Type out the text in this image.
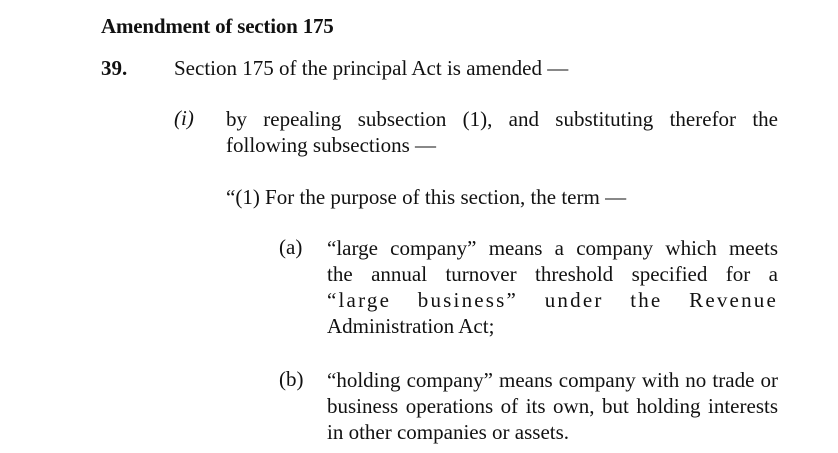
Amendment of section 175
39. Section 175 of the principal Act is amended —
(i) by repealing subsection (1), and substituting therefor the following subsections —
“(1) For the purpose of this section, the term —
(a) “large company” means a company which meets
the annual turnover threshold specified for a
“large business” under the Revenue
Administration Act;
(b) “holding company” means company with no trade or business operations of its own, but holding interests in other companies or assets.
